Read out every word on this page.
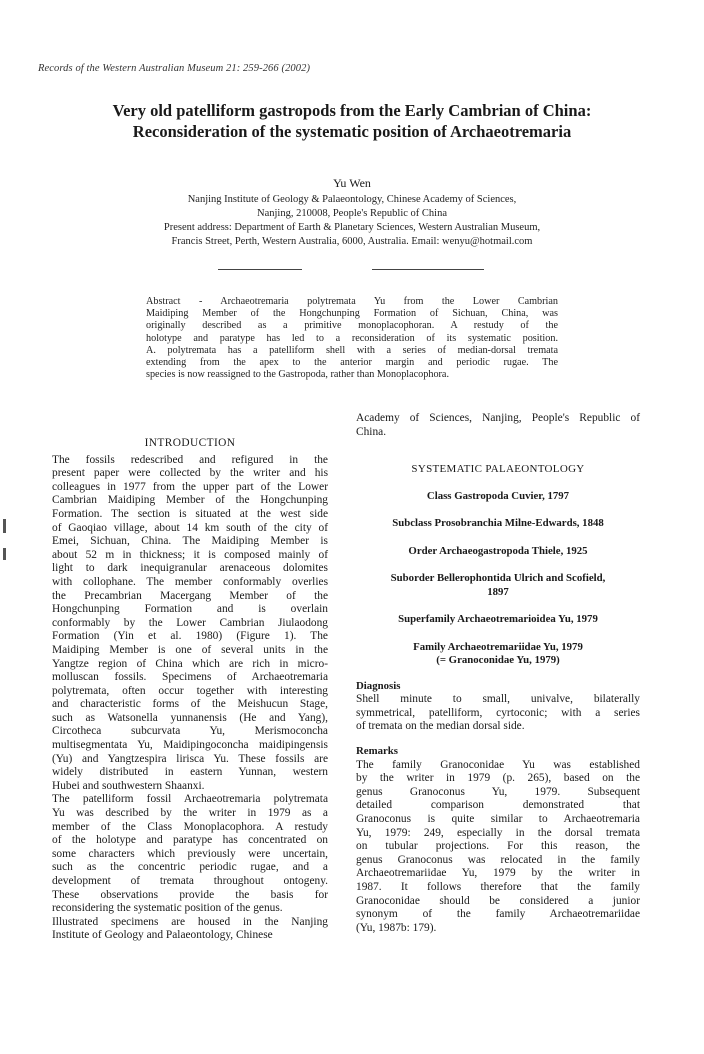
Records of the Western Australian Museum 21: 259-266 (2002)
Very old patelliform gastropods from the Early Cambrian of China:
Reconsideration of the systematic position of Archaeotremaria
Yu Wen
Nanjing Institute of Geology & Palaeontology, Chinese Academy of Sciences,
Nanjing, 210008, People's Republic of China
Present address: Department of Earth & Planetary Sciences, Western Australian Museum,
Francis Street, Perth, Western Australia, 6000, Australia. Email: wenyu@hotmail.com
Abstract - Archaeotremaria polytremata Yu from the Lower Cambrian
Maidiping Member of the Hongchunping Formation of Sichuan, China, was
originally described as a primitive monoplacophoran. A restudy of the
holotype and paratype has led to a reconsideration of its systematic position.
A. polytremata has a patelliform shell with a series of median-dorsal tremata
extending from the apex to the anterior margin and periodic rugae. The
species is now reassigned to the Gastropoda, rather than Monoplacophora.
INTRODUCTION
The fossils redescribed and refigured in the
present paper were collected by the writer and his
colleagues in 1977 from the upper part of the Lower
Cambrian Maidiping Member of the Hongchunping
Formation. The section is situated at the west side
of Gaoqiao village, about 14 km south of the city of
Emei, Sichuan, China. The Maidiping Member is
about 52 m in thickness; it is composed mainly of
light to dark inequigranular arenaceous dolomites
with collophane. The member conformably overlies
the Precambrian Macergang Member of the
Hongchunping Formation and is overlain
conformably by the Lower Cambrian Jiulaodong
Formation (Yin et al. 1980) (Figure 1). The
Maidiping Member is one of several units in the
Yangtze region of China which are rich in micro-
molluscan fossils. Specimens of Archaeotremaria
polytremata, often occur together with interesting
and characteristic forms of the Meishucun Stage,
such as Watsonella yunnanensis (He and Yang),
Circotheca subcurvata Yu, Merismoconcha
multisegmentata Yu, Maidipingoconcha maidipingensis
(Yu) and Yangtzespira lirisca Yu. These fossils are
widely distributed in eastern Yunnan, western
Hubei and southwestern Shaanxi.
The patelliform fossil Archaeotremaria polytremata
Yu was described by the writer in 1979 as a
member of the Class Monoplacophora. A restudy
of the holotype and paratype has concentrated on
some characters which previously were uncertain,
such as the concentric periodic rugae, and a
development of tremata throughout ontogeny.
These observations provide the basis for
reconsidering the systematic position of the genus.
Illustrated specimens are housed in the Nanjing
Institute of Geology and Palaeontology, Chinese
Academy of Sciences, Nanjing, People's Republic of
China.
SYSTEMATIC PALAEONTOLOGY
Class Gastropoda Cuvier, 1797
Subclass Prosobranchia Milne-Edwards, 1848
Order Archaeogastropoda Thiele, 1925
Suborder Bellerophontida Ulrich and Scofield,
1897
Superfamily Archaeotremarioidea Yu, 1979
Family Archaeotremariidae Yu, 1979
(= Granoconidae Yu, 1979)
Diagnosis
Shell minute to small, univalve, bilaterally
symmetrical, patelliform, cyrtoconic; with a series
of tremata on the median dorsal side.
Remarks
The family Granoconidae Yu was established
by the writer in 1979 (p. 265), based on the
genus Granoconus Yu, 1979. Subsequent
detailed comparison demonstrated that
Granoconus is quite similar to Archaeotremaria
Yu, 1979: 249, especially in the dorsal tremata
on tubular projections. For this reason, the
genus Granoconus was relocated in the family
Archaeotremariidae Yu, 1979 by the writer in
1987. It follows therefore that the family
Granoconidae should be considered a junior
synonym of the family Archaeotremariidae
(Yu, 1987b: 179).
